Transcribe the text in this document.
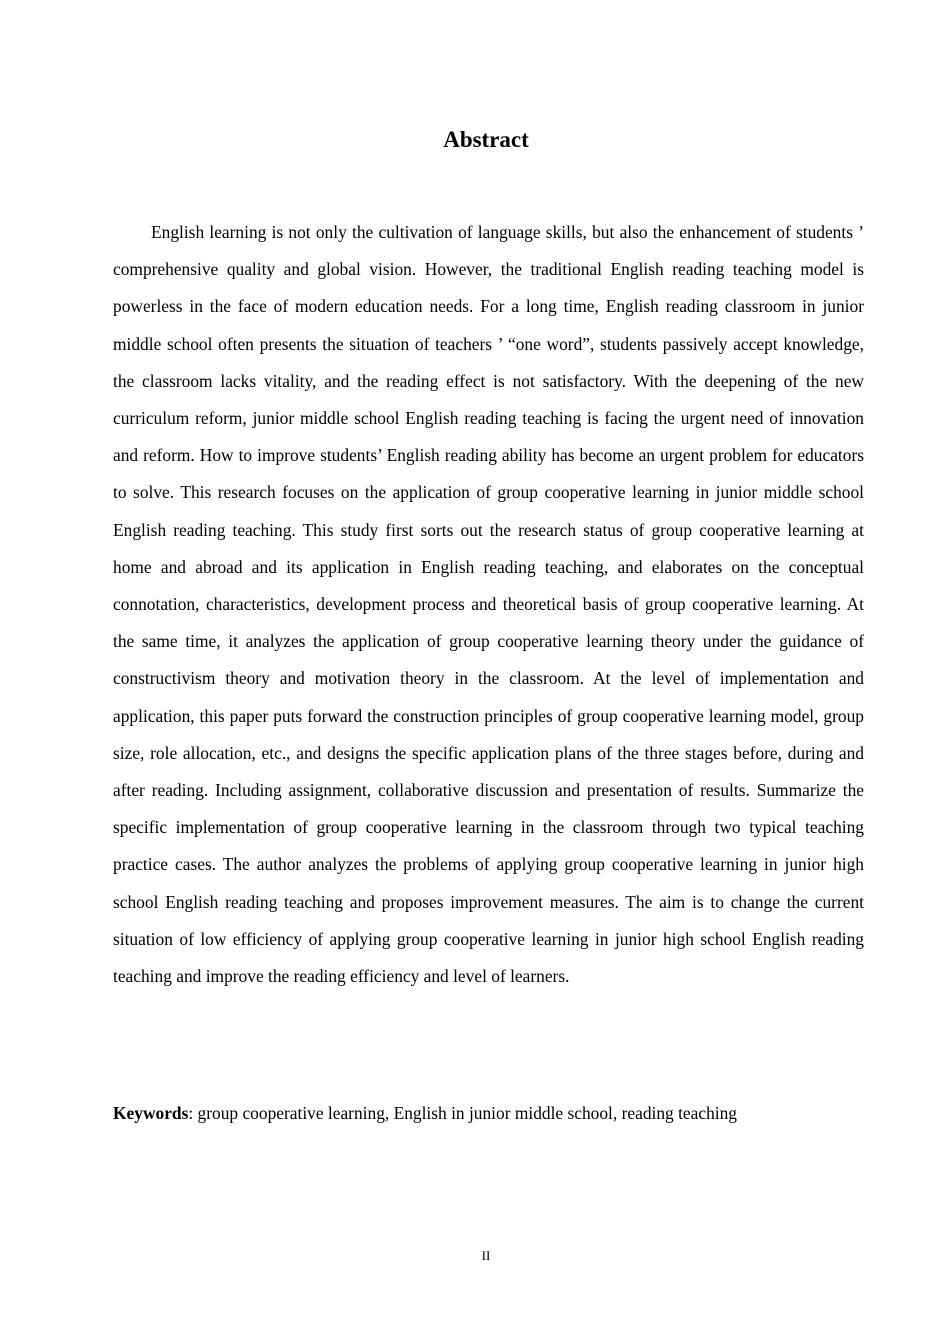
Abstract

English learning is not only the cultivation of language skills, but also the enhancement of students ’ comprehensive quality and global vision. However, the traditional English reading teaching model is powerless in the face of modern education needs. For a long time, English reading classroom in junior middle school often presents the situation of teachers ’ “one word”, students passively accept knowledge, the classroom lacks vitality, and the reading effect is not satisfactory. With the deepening of the new curriculum reform, junior middle school English reading teaching is facing the urgent need of innovation and reform. How to improve students’ English reading ability has become an urgent problem for educators to solve. This research focuses on the application of group cooperative learning in junior middle school English reading teaching. This study first sorts out the research status of group cooperative learning at home and abroad and its application in English reading teaching, and elaborates on the conceptual connotation, characteristics, development process and theoretical basis of group cooperative learning. At the same time, it analyzes the application of group cooperative learning theory under the guidance of constructivism theory and motivation theory in the classroom. At the level of implementation and application, this paper puts forward the construction principles of group cooperative learning model, group size, role allocation, etc., and designs the specific application plans of the three stages before, during and after reading. Including assignment, collaborative discussion and presentation of results. Summarize the specific implementation of group cooperative learning in the classroom through two typical teaching practice cases. The author analyzes the problems of applying group cooperative learning in junior high school English reading teaching and proposes improvement measures. The aim is to change the current situation of low efficiency of applying group cooperative learning in junior high school English reading teaching and improve the reading efficiency and level of learners.

Keywords: group cooperative learning, English in junior middle school, reading teaching

II
